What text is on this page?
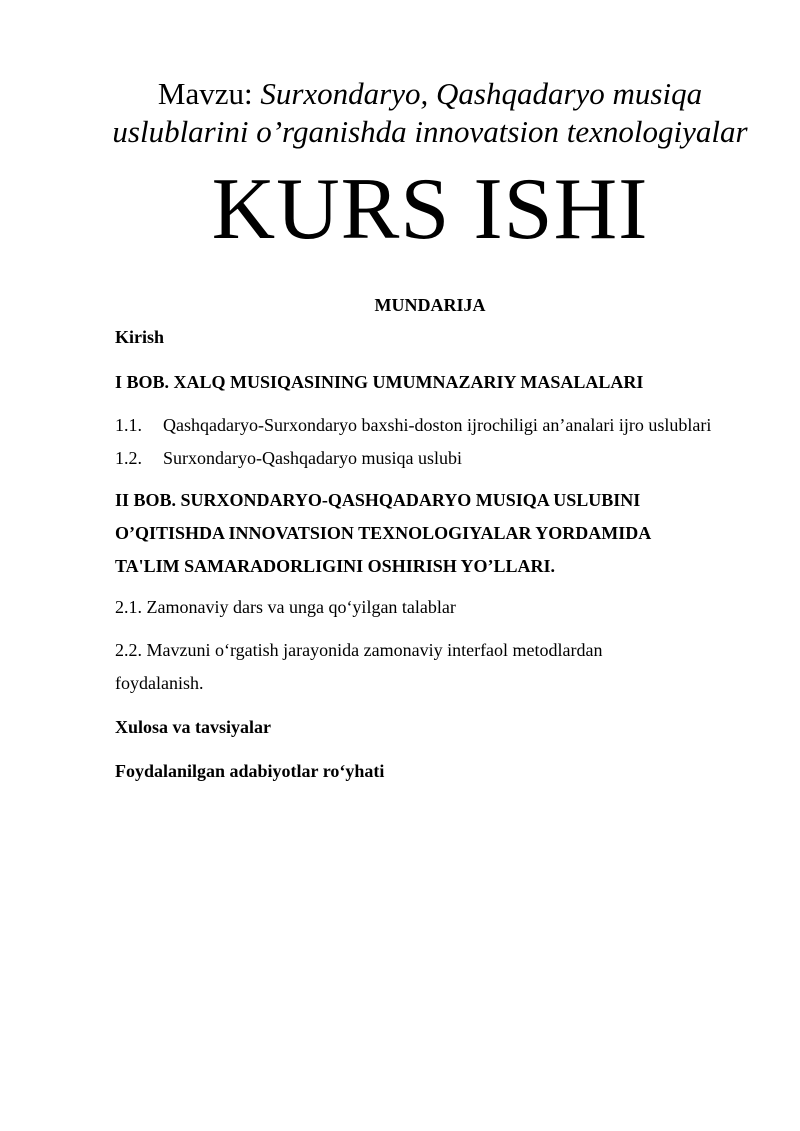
Mavzu: Surxondaryo, Qashqadaryo musiqa
uslublarini o’rganishda innovatsion texnologiyalar
KURS ISHI
MUNDARIJA
Kirish
I BOB. XALQ MUSIQASINING UMUMNAZARIY MASALALARI
1.1. Qashqadaryo-Surxondaryo baxshi-doston ijrochiligi an’analari ijro uslublari
1.2. Surxondaryo-Qashqadaryo musiqa uslubi
II BOB. SURXONDARYO-QASHQADARYO MUSIQA USLUBINI
O’QITISHDA INNOVATSION TEXNOLOGIYALAR YORDAMIDA
TA'LIM SAMARADORLIGINI OSHIRISH YO’LLARI.
2.1. Zamonaviy dars va unga qo‘yilgan talablar
2.2. Mavzuni o‘rgatish jarayonida zamonaviy interfaol metodlardan
foydalanish.
Xulosa va tavsiyalar
Foydalanilgan adabiyotlar ro‘yhati
